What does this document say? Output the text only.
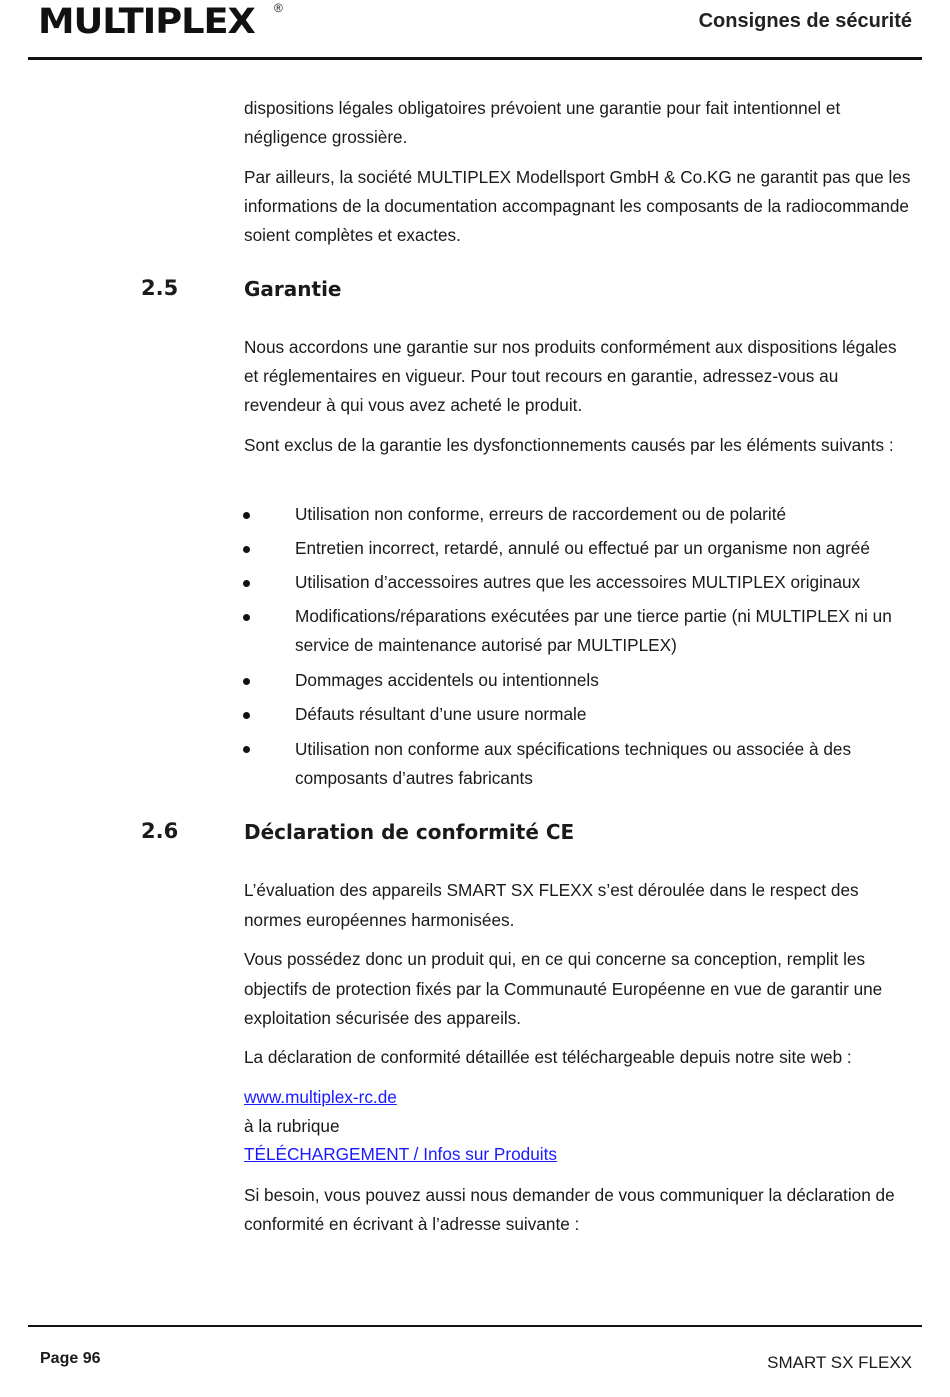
MULTIPLEX ®
Consignes de sécurité

dispositions légales obligatoires prévoient une garantie pour fait intentionnel et négligence grossière.

Par ailleurs, la société MULTIPLEX Modellsport GmbH & Co.KG ne garantit pas que les informations de la documentation accompagnant les composants de la radiocommande soient complètes et exactes.

2.5	Garantie

Nous accordons une garantie sur nos produits conformément aux dispositions légales et réglementaires en vigueur. Pour tout recours en garantie, adressez-vous au revendeur à qui vous avez acheté le produit.

Sont exclus de la garantie les dysfonctionnements causés par les éléments suivants :

Utilisation non conforme, erreurs de raccordement ou de polarité
Entretien incorrect, retardé, annulé ou effectué par un organisme non agréé
Utilisation d’accessoires autres que les accessoires MULTIPLEX originaux
Modifications/réparations exécutées par une tierce partie (ni MULTIPLEX ni un service de maintenance autorisé par MULTIPLEX)
Dommages accidentels ou intentionnels
Défauts résultant d’une usure normale
Utilisation non conforme aux spécifications techniques ou associée à des composants d’autres fabricants
2.6	Déclaration de conformité CE

L’évaluation des appareils SMART SX FLEXX s’est déroulée dans le respect des normes européennes harmonisées.

Vous possédez donc un produit qui, en ce qui concerne sa conception, remplit les objectifs de protection fixés par la Communauté Européenne en vue de garantir une exploitation sécurisée des appareils.

La déclaration de conformité détaillée est téléchargeable depuis notre site web :

www.multiplex-rc.de
à la rubrique
TÉLÉCHARGEMENT / Infos sur Produits

Si besoin, vous pouvez aussi nous demander de vous communiquer la déclaration de conformité en écrivant à l’adresse suivante :

Page 96	SMART SX FLEXX
